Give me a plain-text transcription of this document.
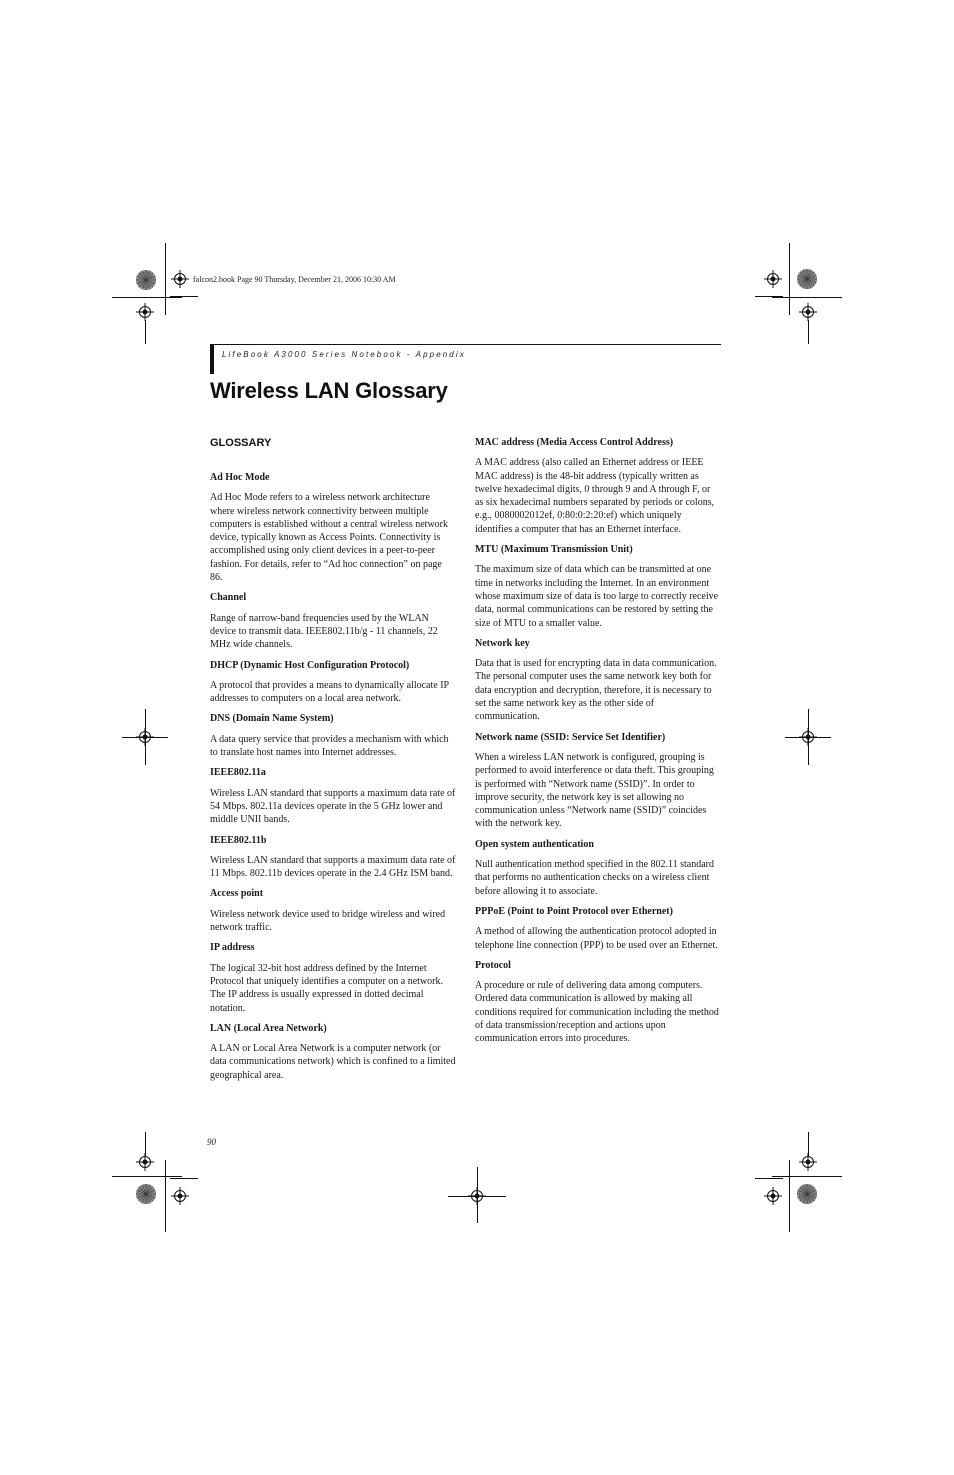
falcon2.book Page 90 Thursday, December 21, 2006 10:30 AM
LifeBook A3000 Series Notebook - Appendix
Wireless LAN Glossary
GLOSSARY
Ad Hoc Mode
Ad Hoc Mode refers to a wireless network architecture where wireless network connectivity between multiple computers is established without a central wireless network device, typically known as Access Points. Connectivity is accomplished using only client devices in a peer-to-peer fashion. For details, refer to “Ad hoc connection” on page 86.
Channel
Range of narrow-band frequencies used by the WLAN device to transmit data. IEEE802.11b/g - 11 channels, 22 MHz wide channels.
DHCP (Dynamic Host Configuration Protocol)
A protocol that provides a means to dynamically allocate IP addresses to computers on a local area network.
DNS (Domain Name System)
A data query service that provides a mechanism with which to translate host names into Internet addresses.
IEEE802.11a
Wireless LAN standard that supports a maximum data rate of 54 Mbps. 802.11a devices operate in the 5 GHz lower and middle UNII bands.
IEEE802.11b
Wireless LAN standard that supports a maximum data rate of 11 Mbps. 802.11b devices operate in the 2.4 GHz ISM band.
Access point
Wireless network device used to bridge wireless and wired network traffic.
IP address
The logical 32-bit host address defined by the Internet Protocol that uniquely identifies a computer on a network. The IP address is usually expressed in dotted decimal notation.
LAN (Local Area Network)
A LAN or Local Area Network is a computer network (or data communications network) which is confined to a limited geographical area.
MAC address (Media Access Control Address)
A MAC address (also called an Ethernet address or IEEE MAC address) is the 48-bit address (typically written as twelve hexadecimal digits, 0 through 9 and A through F, or as six hexadecimal numbers separated by periods or colons, e.g., 0080002012ef, 0:80:0:2:20:ef) which uniquely identifies a computer that has an Ethernet interface.
MTU (Maximum Transmission Unit)
The maximum size of data which can be transmitted at one time in networks including the Internet. In an environment whose maximum size of data is too large to correctly receive data, normal communications can be restored by setting the size of MTU to a smaller value.
Network key
Data that is used for encrypting data in data communication. The personal computer uses the same network key both for data encryption and decryption, therefore, it is necessary to set the same network key as the other side of communication.
Network name (SSID: Service Set Identifier)
When a wireless LAN network is configured, grouping is performed to avoid interference or data theft. This grouping is performed with “Network name (SSID)”. In order to improve security, the network key is set allowing no communication unless “Network name (SSID)” coincides with the network key.
Open system authentication
Null authentication method specified in the 802.11 standard that performs no authentication checks on a wireless client before allowing it to associate.
PPPoE (Point to Point Protocol over Ethernet)
A method of allowing the authentication protocol adopted in telephone line connection (PPP) to be used over an Ethernet.
Protocol
A procedure or rule of delivering data among computers. Ordered data communication is allowed by making all conditions required for communication including the method of data transmission/reception and actions upon communication errors into procedures.
90
